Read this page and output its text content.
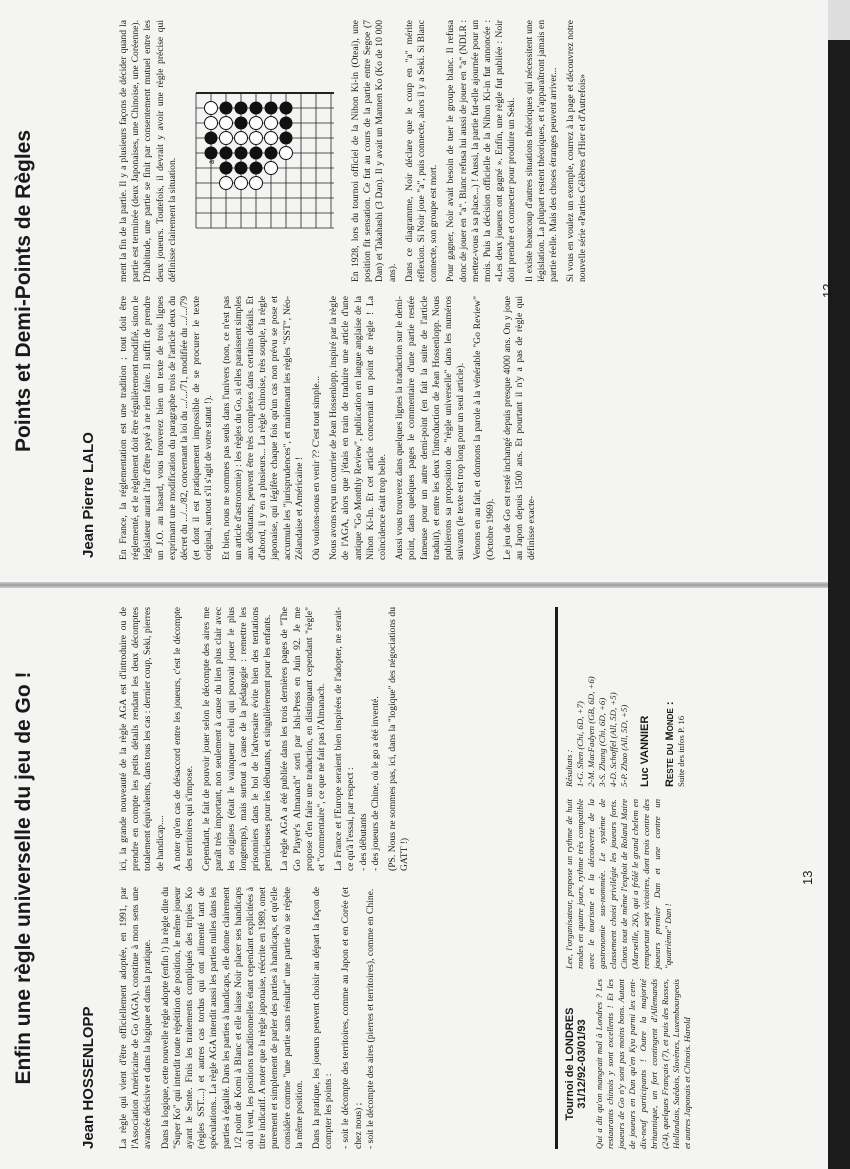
Points et Demi-Points de Règles
Jean Pierre LALO En France, la réglementation est une tradition ; tout doit être réglementé, et le règlement doit être régulièrement modifié, sinon le législateur aurait l'air d'être payé à ne rien faire. Il suffit de prendre un J.O. au hasard, vous trouverez bien un texte de trois lignes exprimant une modification du paragraphe trois de l'article deux du décret du .../.../82, concernant la loi du .../.../71, modifiée du .../.../79 (et dont il est pratiquement impossible de se procurer le texte original, surtout s'il s'agit de votre statut !). Et bien, nous ne sommes pas seuls dans l'univers (non, ce n'est pas un article d'astronomie) : les règles du Go, si elles paraissent simples aux débutants, peuvent être très complexes dans certains détails. Et d'abord, il y en a plusieurs... La règle chinoise, très souple, la règle japonaise, qui légifère chaque fois qu'un cas non prévu se pose et accumule les "jurisprudences", et maintenant les règles "SST", Néo-Zélandaise et Américaine ! Où voulons-nous en venir ?? C'est tout simple... Nous avons reçu un courrier de Jean Hossenlopp, inspiré par la règle de l'AGA, alors que j'étais en train de traduire une article d'une antique "Go Monthly Review", publication en langue anglaise de la Nihon Ki-In. Et cet article concernait un point de règle ! La coïncidence était trop belle. Aussi vous trouverez dans quelques lignes la traduction sur le demi-point, dans quelques pages le commentaire d'une partie restée fameuse pour un autre demi-point (en fait la suite de l'article traduit), et entre les deux l'introduction de Jean Hossenlopp. Nous publierons sa proposition de "règle universelle" dans les numéros suivants (le texte est trop long pour un seul article). Venons en au fait, et donnons la parole à la vénérable "Go Review" (Octobre 1969). Le jeu de Go est resté inchangé depuis presque 4000 ans. On y joue au Japon depuis 1500 ans. Et pourtant il n'y a pas de règle qui définisse exacte-

ment la fin de la partie. Il y a plusieurs façons de décider quand la partie est terminée (deux Japonaises, une Chinoise, une Coréenne). D'habitude, une partie se finit par consentement mutuel entre les deux joueurs. Toutefois, il devrait y avoir une règle précise qui définisse clairement la situation.	a	En 1928, lors du tournoi officiel de la Nihon Ki-in (Oteai), une position fit sensation. Ce fut au cours de la partie entre Segoe (7 Dan) et Takahashi (3 Dan). Il y avait un Mannen Ko (Ko de 10 000 ans). Dans ce diagramme, Noir déclare que le coup en "a" mérite réflexion. Si Noir joue "a", puis connecte, alors il y a Seki. Si Blanc connecte, son groupe est mort. Pour gagner, Noir avait besoin de tuer le groupe blanc. Il refusa donc de jouer en "a". Blanc refusa lui aussi de jouer en "a" (NDLR : mettez-vous à sa place...) ! Aussi, la partie fut-elle ajournée pour un mois. Puis la décision officielle de la Nihon Ki-in fut annoncée : «Les deux joueurs ont gagné ». Enfin, une règle fut publiée : Noir doit prendre et connecter pour produire un Seki. Il existe beaucoup d'autres situations théoriques qui nécessitent une législation. La plupart restent théoriques, et n'apparaîtront jamais en partie réelle. Mais des choses étranges peuvent arriver... Si vous en voulez un exemple, courrez à la page et découvrez notre nouvelle série «Parties Célèbres d'Hier et d'Autrefois»

12
Enfin une règle universelle du jeu de Go !	Jean HOSSENLOPP La règle qui vient d'être officiellement adoptée, en 1991, par l'Association Américaine de Go (AGA), constitue à mon sens une avancée décisive et dans la logique et dans la pratique. Dans la logique, cette nouvelle règle adopte (enfin !) la règle dite du "Super Ko" qui interdit toute répétition de position, le même joueur ayant le Sente. Finis les traitements compliqués des triples Ko (règles SST....) et autres cas tordus qui ont alimenté tant de spéculations.. La règle AGA interdit aussi les parties nulles dans les parties à égalité. Dans les parties à handicaps, elle donne clairement 1/2 point de Komi à Blanc et elle laisse Noir placer ses handicaps où il veut, les positions traditionnelles étant cependant explicitées à titre indicatif. A noter que la règle japonaise, réécrite en 1989, omet purement et simplement de parler des parties à handicaps, et qu'elle considère comme "une partie sans résultat" une partie où se répète la même position. Dans la pratique, les joueurs peuvent choisir au départ la façon de compter les points : - soit le décompte des territoires, comme au Japon et en Corée (et chez nous) ; - soit le décompte des aires (pierres et territoires), comme en Chine.

ici, la grande nouveauté de la règle AGA est d'introduire ou de prendre en compte les petits détails rendant les deux décomptes totalement équivalents, dans tous les cas : dernier coup, Seki, pierres de handicap.... A noter qu'en cas de désaccord entre les joueurs, c'est le décompte des territoires qui s'impose. Cependant, le fait de pouvoir jouer selon le décompte des aires me paraît très important, non seulement à cause du lien plus clair avec les origines (était le vainqueur celui qui pouvait jouer le plus longtemps), mais surtout à cause de la pédagogie : remettre les prisonniers dans le bol de l'adversaire évite bien des tentations pernicieuses pour les débutants, et singulièrement pour les enfants. La règle AGA a été publiée dans les trois dernières pages de "The Go Player's Almanach" sorti par Ishi-Press en Juin 92. Je me propose d'en faire une traduction, en distinguant cependant "règle" et "commentaire", ce que ne fait pas l'Almanach. La France et l'Europe seraient bien inspirées de l'adopter, ne serait-ce qu'à l'essai, par respect : - des débutants - des joueurs de Chine, où le go a été inventé. (PS. Nous ne sommes pas, ici, dans la "logique" des négociations du GATT !)

Tournoi de LONDRES 31/12/92-03/01/93 Qui a dit qu'on mangeait mal à Londres ? Les restaurants chinois y sont excellents ! Et les joueurs de Go n'y sont pas moins bons. Autant de joueurs en Dan qu'en Kyu parmi les cent-dix-neuf participants ! Outre la majorité britannique, un fort contingent d'Allemands (24), quelques Français (7), et puis des Russes, Hollandais, Suédois, Slovènes, Luxembourgeois et autres Japonais et Chinois. Harold
Lee, l'organisateur, propose un rythme de huit rondes en quatre jours, rythme très compatible avec le tourisme et la découverte de la gastronomie sus-nommée. Le système de classement choisi privilégie les joueurs forts. Citons tout de même l'exploit de Roland Maire (Marseille, 2K), qui a frôlé le grand chelem en remportant sept victoires, dont trois contre des joueurs premier Dan et une contre un "quatrième" Dan !
Résultats : 1-G. Shen (Chi, 6D, +7) 2-M. MacFadyen (GB, 6D, +6) 3-S. Zhang (Chi, 6D, +6) 4-D. Schoffel (All, 5D, +5) 5-P. Zhao (All, 5D, +5) Luc VANNIER Reste du Monde : Suite des infos P. 16
13
